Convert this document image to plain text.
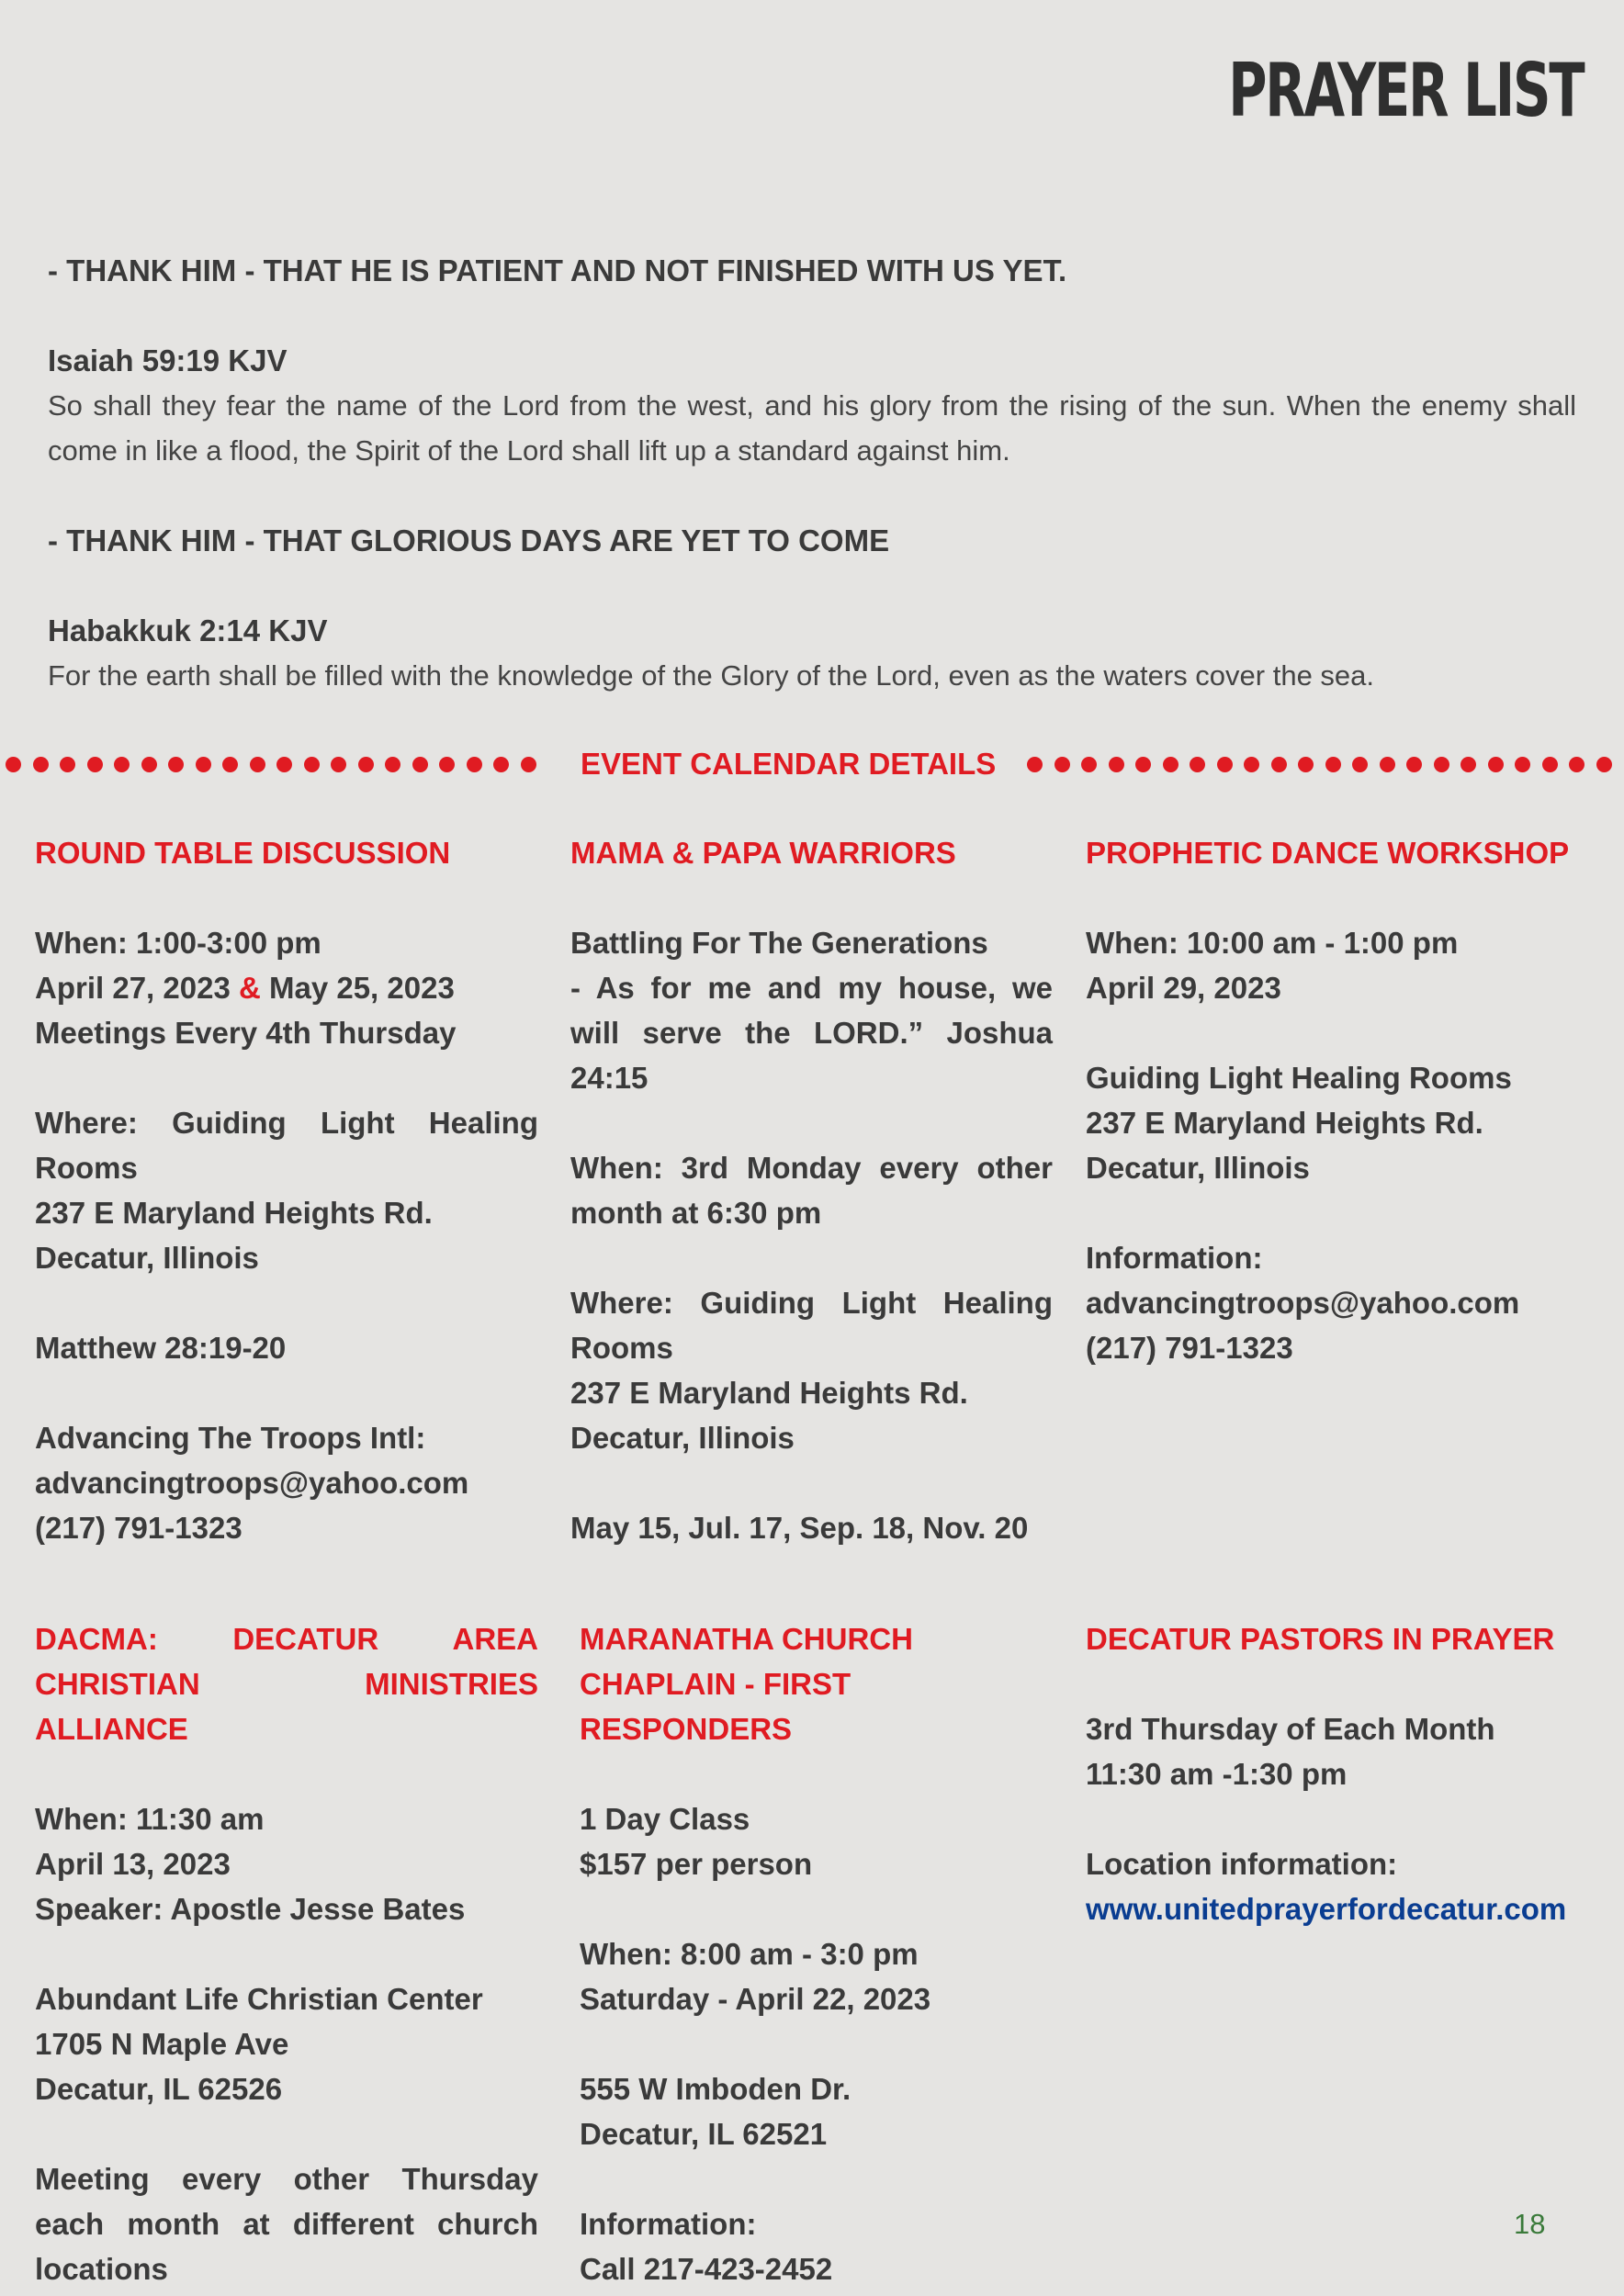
PRAYER LIST

- THANK HIM - THAT HE IS PATIENT AND NOT FINISHED WITH US YET.

Isaiah 59:19 KJV

So shall they fear the name of the Lord from the west, and his glory from the rising of the sun. When the enemy shall come in like a flood, the Spirit of the Lord shall lift up a standard against him.

- THANK HIM - THAT GLORIOUS DAYS ARE YET TO COME

Habakkuk 2:14 KJV

For the earth shall be filled with the knowledge of the Glory of the Lord, even as the waters cover the sea.

EVENT CALENDAR DETAILS

ROUND TABLE DISCUSSION

When: 1:00-3:00 pm

April 27, 2023 & May 25, 2023

Meetings Every 4th Thursday

Where: Guiding Light Healing Rooms

237 E Maryland Heights Rd.

Decatur, Illinois

Matthew 28:19-20

Advancing The Troops Intl:

advancingtroops@yahoo.com

(217) 791-1323

MAMA & PAPA WARRIORS

Battling For The Generations

- As for me and my house, we will serve the LORD.” Joshua 24:15

When: 3rd Monday every other month at 6:30 pm

Where: Guiding Light Healing Rooms

237 E Maryland Heights Rd.

Decatur, Illinois

May 15, Jul. 17, Sep. 18, Nov. 20

PROPHETIC DANCE WORKSHOP

When: 10:00 am - 1:00 pm

April 29, 2023

Guiding Light Healing Rooms

237 E Maryland Heights Rd.

Decatur, Illinois

Information:

advancingtroops@yahoo.com

(217) 791-1323

DACMA: DECATUR AREA CHRISTIAN MINISTRIES ALLIANCE

When: 11:30 am

April 13, 2023

Speaker: Apostle Jesse Bates

Abundant Life Christian Center

1705 N Maple Ave

Decatur, IL 62526

Meeting every other Thursday each month at different church locations

MARANATHA CHURCH

CHAPLAIN - FIRST RESPONDERS

1 Day Class

$157 per person

When: 8:00 am - 3:0 pm

Saturday - April 22, 2023

555 W Imboden Dr.

Decatur, IL 62521

Information:

Call 217-423-2452

DECATUR PASTORS IN PRAYER

3rd Thursday of Each Month

11:30 am -1:30 pm

Location information:

www.unitedprayerfordecatur.com

18
